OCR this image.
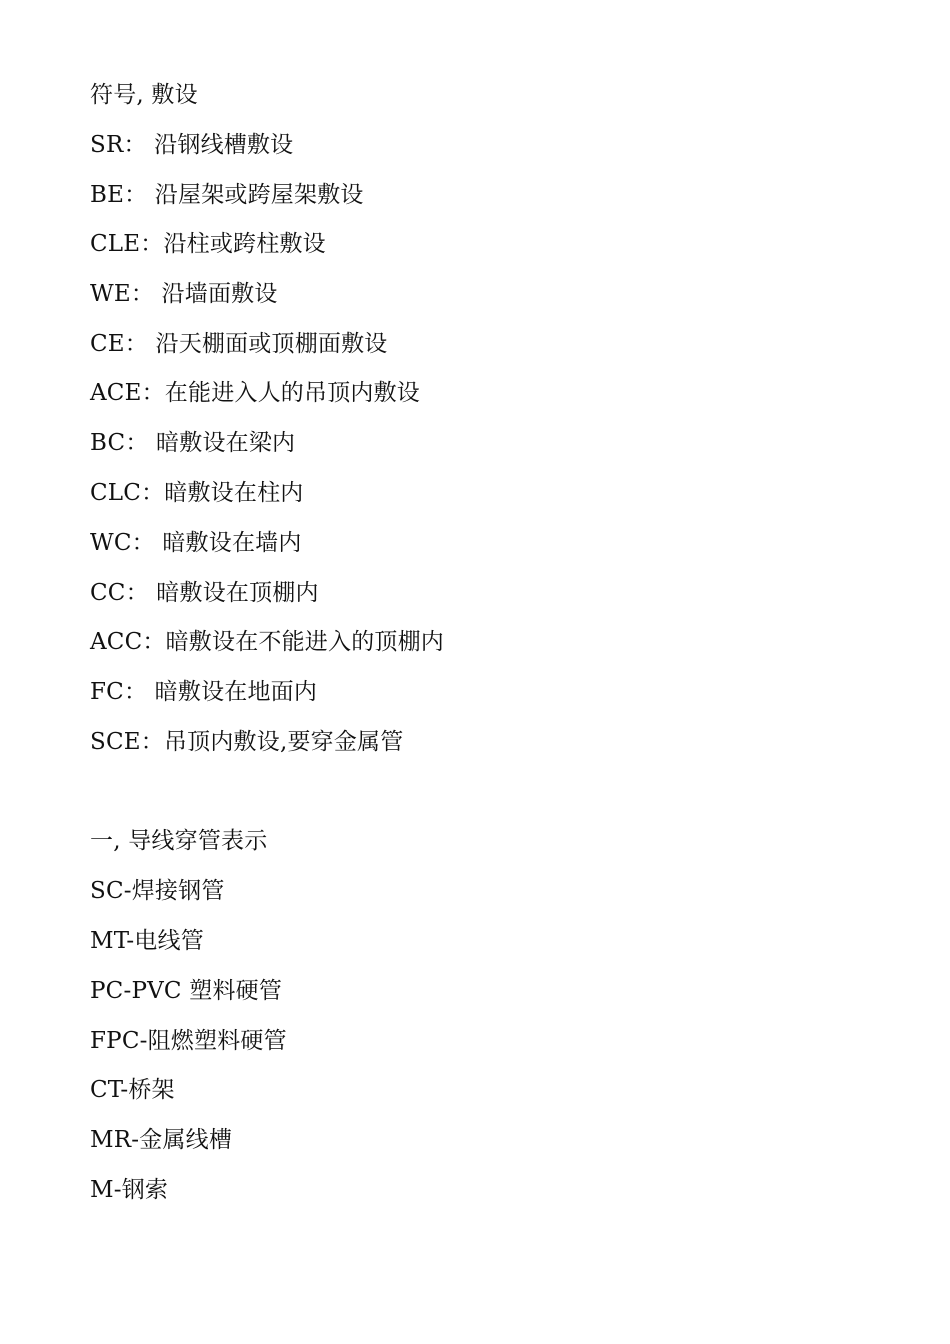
符号, 敷设
SR： 沿钢线槽敷设
BE： 沿屋架或跨屋架敷设
CLE：沿柱或跨柱敷设
WE： 沿墙面敷设
CE： 沿天棚面或顶棚面敷设
ACE：在能进入人的吊顶内敷设
BC： 暗敷设在梁内
CLC：暗敷设在柱内
WC： 暗敷设在墙内
CC： 暗敷设在顶棚内
ACC：暗敷设在不能进入的顶棚内
FC： 暗敷设在地面内
SCE：吊顶内敷设,要穿金属管
一, 导线穿管表示
SC-焊接钢管
MT-电线管
PC-PVC 塑料硬管
FPC-阻燃塑料硬管
CT-桥架
MR-金属线槽
M-钢索
